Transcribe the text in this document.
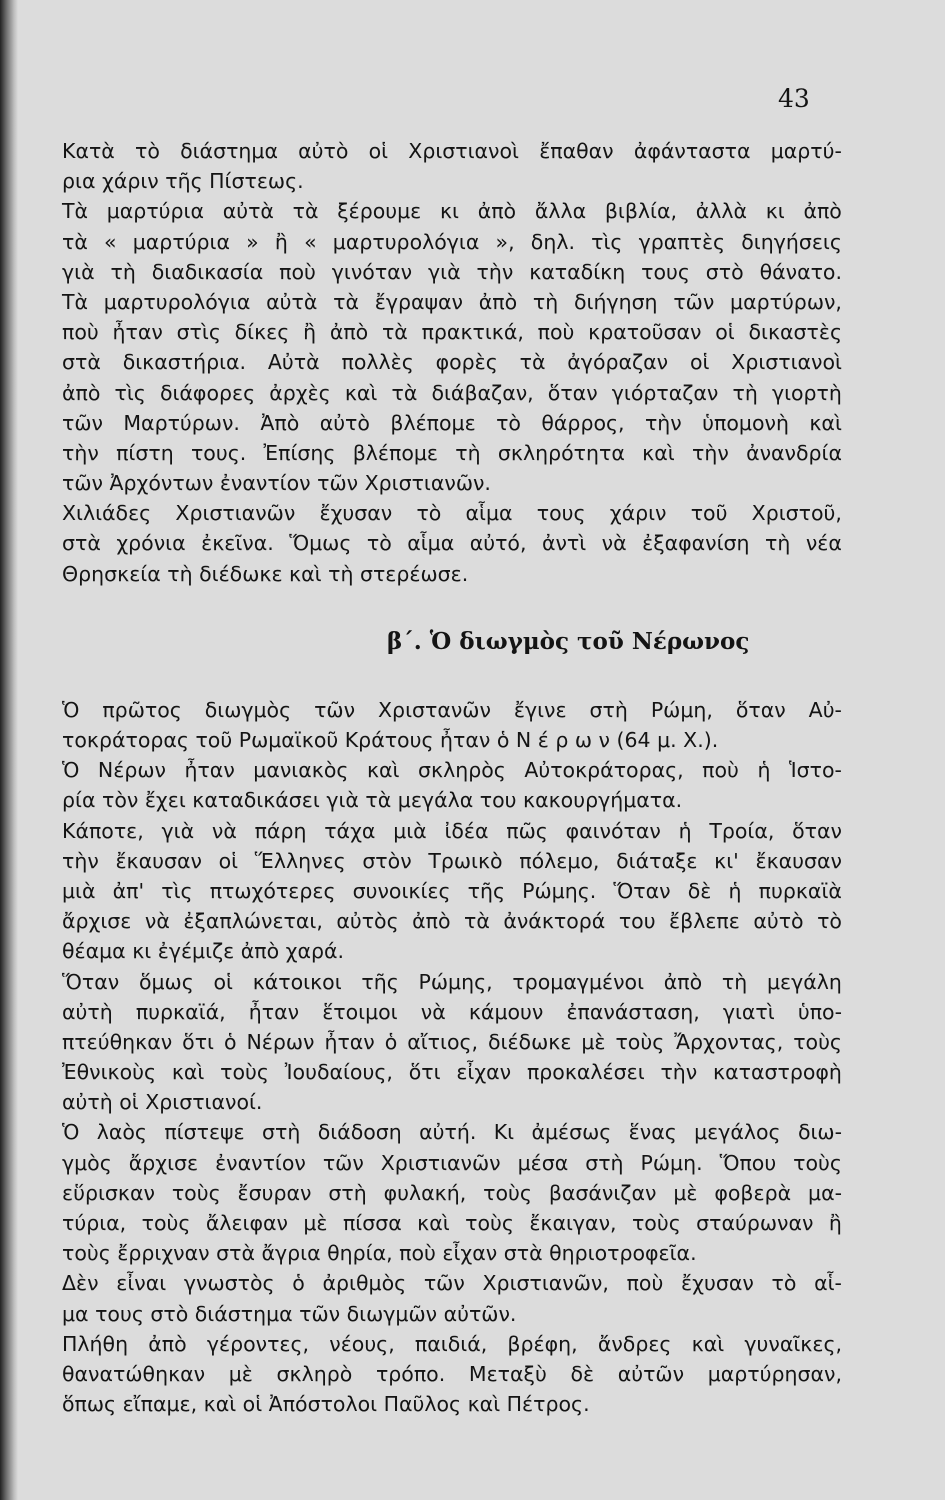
43
Κατὰ τὸ διάστημα αὐτὸ οἱ Χριστιανοὶ ἔπαθαν ἀφάνταστα μαρτύ-
ρια χάριν τῆς Πίστεως.
Τὰ μαρτύρια αὐτὰ τὰ ξέρουμε κι ἀπὸ ἄλλα βιβλία, ἀλλὰ κι ἀπὸ
τὰ « μαρτύρια » ἢ « μαρτυρολόγια », δηλ. τὶς γραπτὲς διηγήσεις
γιὰ τὴ διαδικασία ποὺ γινόταν γιὰ τὴν καταδίκη τους στὸ θάνατο.
Τὰ μαρτυρολόγια αὐτὰ τὰ ἔγραψαν ἀπὸ τὴ διήγηση τῶν μαρτύρων,
ποὺ ἦταν στὶς δίκες ἢ ἀπὸ τὰ πρακτικά, ποὺ κρατοῦσαν οἱ δικαστὲς
στὰ δικαστήρια. Αὐτὰ πολλὲς φορὲς τὰ ἀγόραζαν οἱ Χριστιανοὶ
ἀπὸ τὶς διάφορες ἀρχὲς καὶ τὰ διάβαζαν, ὅταν γιόρταζαν τὴ γιορτὴ
τῶν Μαρτύρων. Ἀπὸ αὐτὸ βλέπομε τὸ θάρρος, τὴν ὑπομονὴ καὶ
τὴν πίστη τους. Ἐπίσης βλέπομε τὴ σκληρότητα καὶ τὴν ἀνανδρία
τῶν Ἀρχόντων ἐναντίον τῶν Χριστιανῶν.
Χιλιάδες Χριστιανῶν ἔχυσαν τὸ αἷμα τους χάριν τοῦ Χριστοῦ,
στὰ χρόνια ἐκεῖνα. Ὅμως τὸ αἷμα αὐτό, ἀντὶ νὰ ἐξαφανίση τὴ νέα
Θρησκεία τὴ διέδωκε καὶ τὴ στερέωσε.
β΄. Ὁ διωγμὸς τοῦ Νέρωνος
Ὁ πρῶτος διωγμὸς τῶν Χριστανῶν ἔγινε στὴ Ρώμη, ὅταν Αὐ-
τοκράτορας τοῦ Ρωμαϊκοῦ Κράτους ἦταν ὁ Ν έ ρ ω ν (64 μ. Χ.).
Ὁ Νέρων ἦταν μανιακὸς καὶ σκληρὸς Αὐτοκράτορας, ποὺ ἡ Ἱστο-
ρία τὸν ἔχει καταδικάσει γιὰ τὰ μεγάλα του κακουργήματα.
Κάποτε, γιὰ νὰ πάρη τάχα μιὰ ἰδέα πῶς φαινόταν ἡ Τροία, ὅταν
τὴν ἔκαυσαν οἱ Ἕλληνες στὸν Τρωικὸ πόλεμο, διάταξε κι' ἔκαυσαν
μιὰ ἀπ' τὶς πτωχότερες συνοικίες τῆς Ρώμης. Ὅταν δὲ ἡ πυρκαϊὰ
ἄρχισε νὰ ἐξαπλώνεται, αὐτὸς ἀπὸ τὰ ἀνάκτορά του ἔβλεπε αὐτὸ τὸ
θέαμα κι ἐγέμιζε ἀπὸ χαρά.
Ὅταν ὅμως οἱ κάτοικοι τῆς Ρώμης, τρομαγμένοι ἀπὸ τὴ μεγάλη
αὐτὴ πυρκαϊά, ἦταν ἕτοιμοι νὰ κάμουν ἐπανάσταση, γιατὶ ὑπο-
πτεύθηκαν ὅτι ὁ Νέρων ἦταν ὁ αἴτιος, διέδωκε μὲ τοὺς Ἄρχοντας, τοὺς
Ἐθνικοὺς καὶ τοὺς Ἰουδαίους, ὅτι εἶχαν προκαλέσει τὴν καταστροφὴ
αὐτὴ οἱ Χριστιανοί.
Ὁ λαὸς πίστεψε στὴ διάδοση αὐτή. Κι ἀμέσως ἕνας μεγάλος διω-
γμὸς ἄρχισε ἐναντίον τῶν Χριστιανῶν μέσα στὴ Ρώμη. Ὅπου τοὺς
εὕρισκαν τοὺς ἔσυραν στὴ φυλακή, τοὺς βασάνιζαν μὲ φοβερὰ μα-
τύρια, τοὺς ἄλειφαν μὲ πίσσα καὶ τοὺς ἔκαιγαν, τοὺς σταύρωναν ἢ
τοὺς ἔρριχναν στὰ ἄγρια θηρία, ποὺ εἶχαν στὰ θηριοτροφεῖα.
Δὲν εἶναι γνωστὸς ὁ ἀριθμὸς τῶν Χριστιανῶν, ποὺ ἔχυσαν τὸ αἷ-
μα τους στὸ διάστημα τῶν διωγμῶν αὐτῶν.
Πλήθη ἀπὸ γέροντες, νέους, παιδιά, βρέφη, ἄνδρες καὶ γυναῖκες,
θανατώθηκαν μὲ σκληρὸ τρόπο. Μεταξὺ δὲ αὐτῶν μαρτύρησαν,
ὅπως εἴπαμε, καὶ οἱ Ἀπόστολοι Παῦλος καὶ Πέτρος.
